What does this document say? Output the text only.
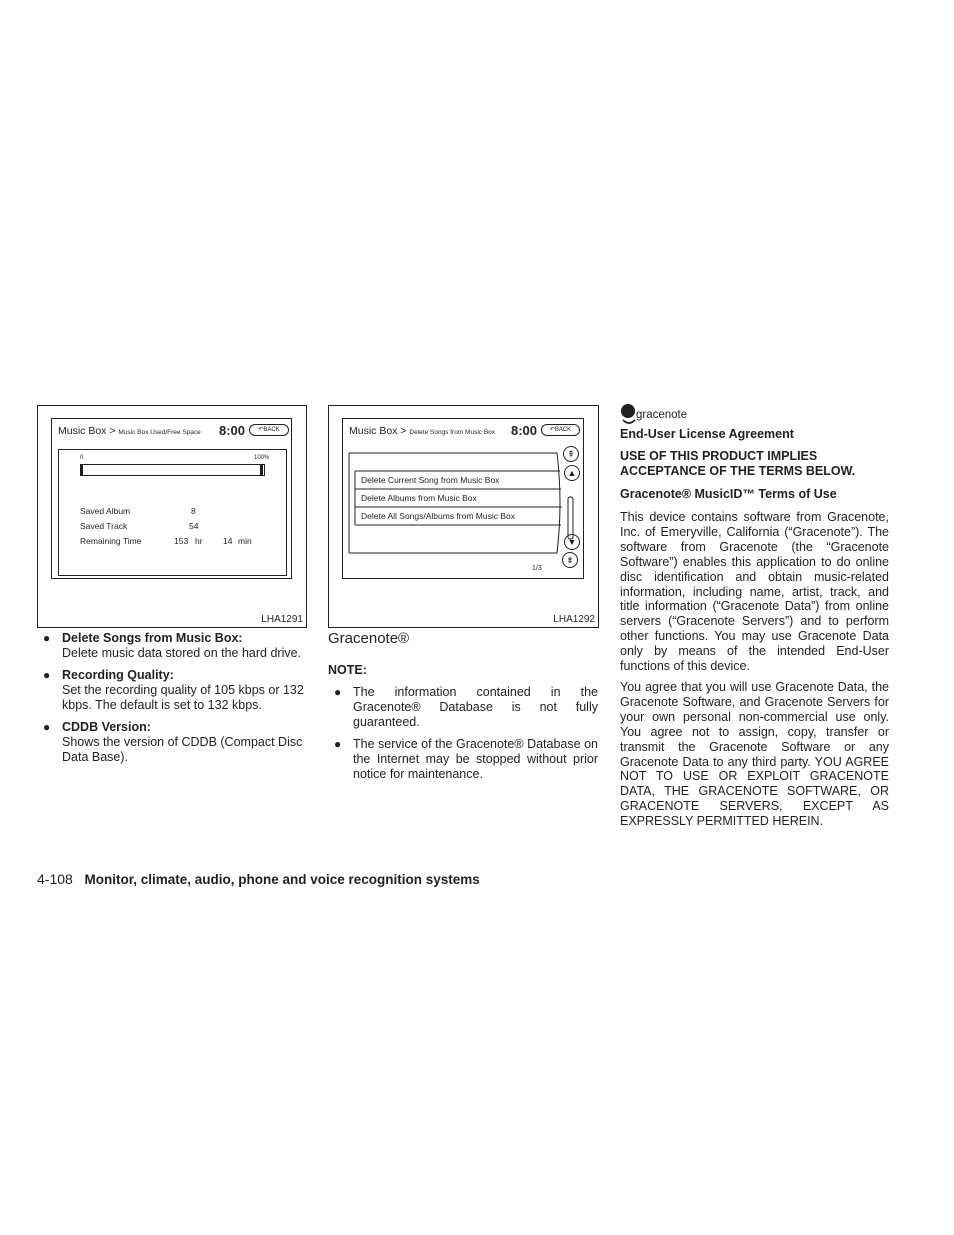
Music Box > Music Box Used/Free Space 8:00	↶BACK
0	100%
Saved Album	8
Saved Track	54
Remaining Time	153 hr 14 min
LHA1291
Music Box > Delete Songs from Music Box 8:00	↶BACK
Delete Current Song from Music Box
Delete Albums from Music Box
Delete All Songs/Albums from Music Box
⇞
▲
▼
⇟
1/3
LHA1292
● Delete Songs from Music Box:
Delete music data stored on the hard drive.
● Recording Quality:
Set the recording quality of 105 kbps or 132 kbps. The default is set to 132 kbps.
● CDDB Version:
Shows the version of CDDB (Compact Disc Data Base).
Gracenote®
NOTE:
● The information contained in the Gracenote® Database is not fully guaranteed.
● The service of the Gracenote® Database on the Internet may be stopped without prior notice for maintenance.
gracenote
End-User License Agreement
USE OF THIS PRODUCT IMPLIES ACCEPTANCE OF THE TERMS BELOW.
Gracenote® MusicID™ Terms of Use
This device contains software from Gracenote, Inc. of Emeryville, California (“Gracenote”). The software from Gracenote (the “Gracenote Software”) enables this application to do online disc identification and obtain music-related information, including name, artist, track, and title information (“Gracenote Data”) from online servers (“Gracenote Servers”) and to perform other functions. You may use Gracenote Data only by means of the intended End-User functions of this device.
You agree that you will use Gracenote Data, the Gracenote Software, and Gracenote Servers for your own personal non-commercial use only. You agree not to assign, copy, transfer or transmit the Gracenote Software or any Gracenote Data to any third party. YOU AGREE NOT TO USE OR EXPLOIT GRACENOTE DATA, THE GRACENOTE SOFTWARE, OR GRACENOTE SERVERS, EXCEPT AS EXPRESSLY PERMITTED HEREIN.
4-108 Monitor, climate, audio, phone and voice recognition systems
